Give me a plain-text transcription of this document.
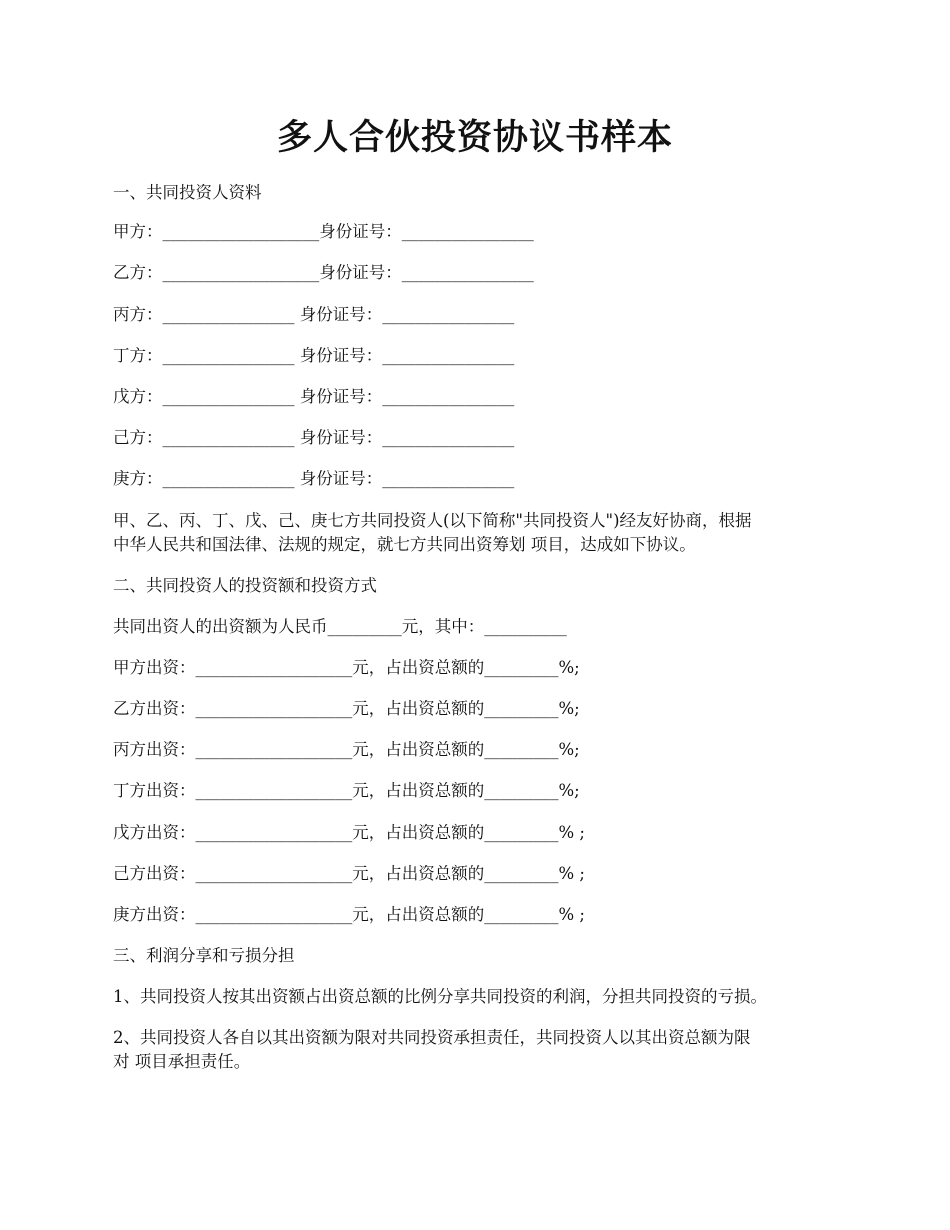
多人合伙投资协议书样本

一、共同投资人资料

甲方：___________________身份证号：________________

乙方：___________________身份证号：________________

丙方：________________ 身份证号：________________

丁方：________________ 身份证号：________________

戊方：________________ 身份证号：________________

己方：________________ 身份证号：________________

庚方：________________ 身份证号：________________

甲、乙、丙、丁、戊、己、庚七方共同投资人(以下简称"共同投资人")经友好协商，根据
中华人民共和国法律、法规的规定，就七方共同出资筹划 项目，达成如下协议。

二、共同投资人的投资额和投资方式

共同出资人的出资额为人民币_________元，其中：__________

甲方出资：___________________元，占出资总额的_________%;

乙方出资：___________________元，占出资总额的_________%;

丙方出资：___________________元，占出资总额的_________%;

丁方出资：___________________元，占出资总额的_________%;

戊方出资：___________________元，占出资总额的_________% ;

己方出资：___________________元，占出资总额的_________% ;

庚方出资：___________________元，占出资总额的_________% ;

三、利润分享和亏损分担

1、共同投资人按其出资额占出资总额的比例分享共同投资的利润，分担共同投资的亏损。

2、共同投资人各自以其出资额为限对共同投资承担责任，共同投资人以其出资总额为限
对 项目承担责任。
